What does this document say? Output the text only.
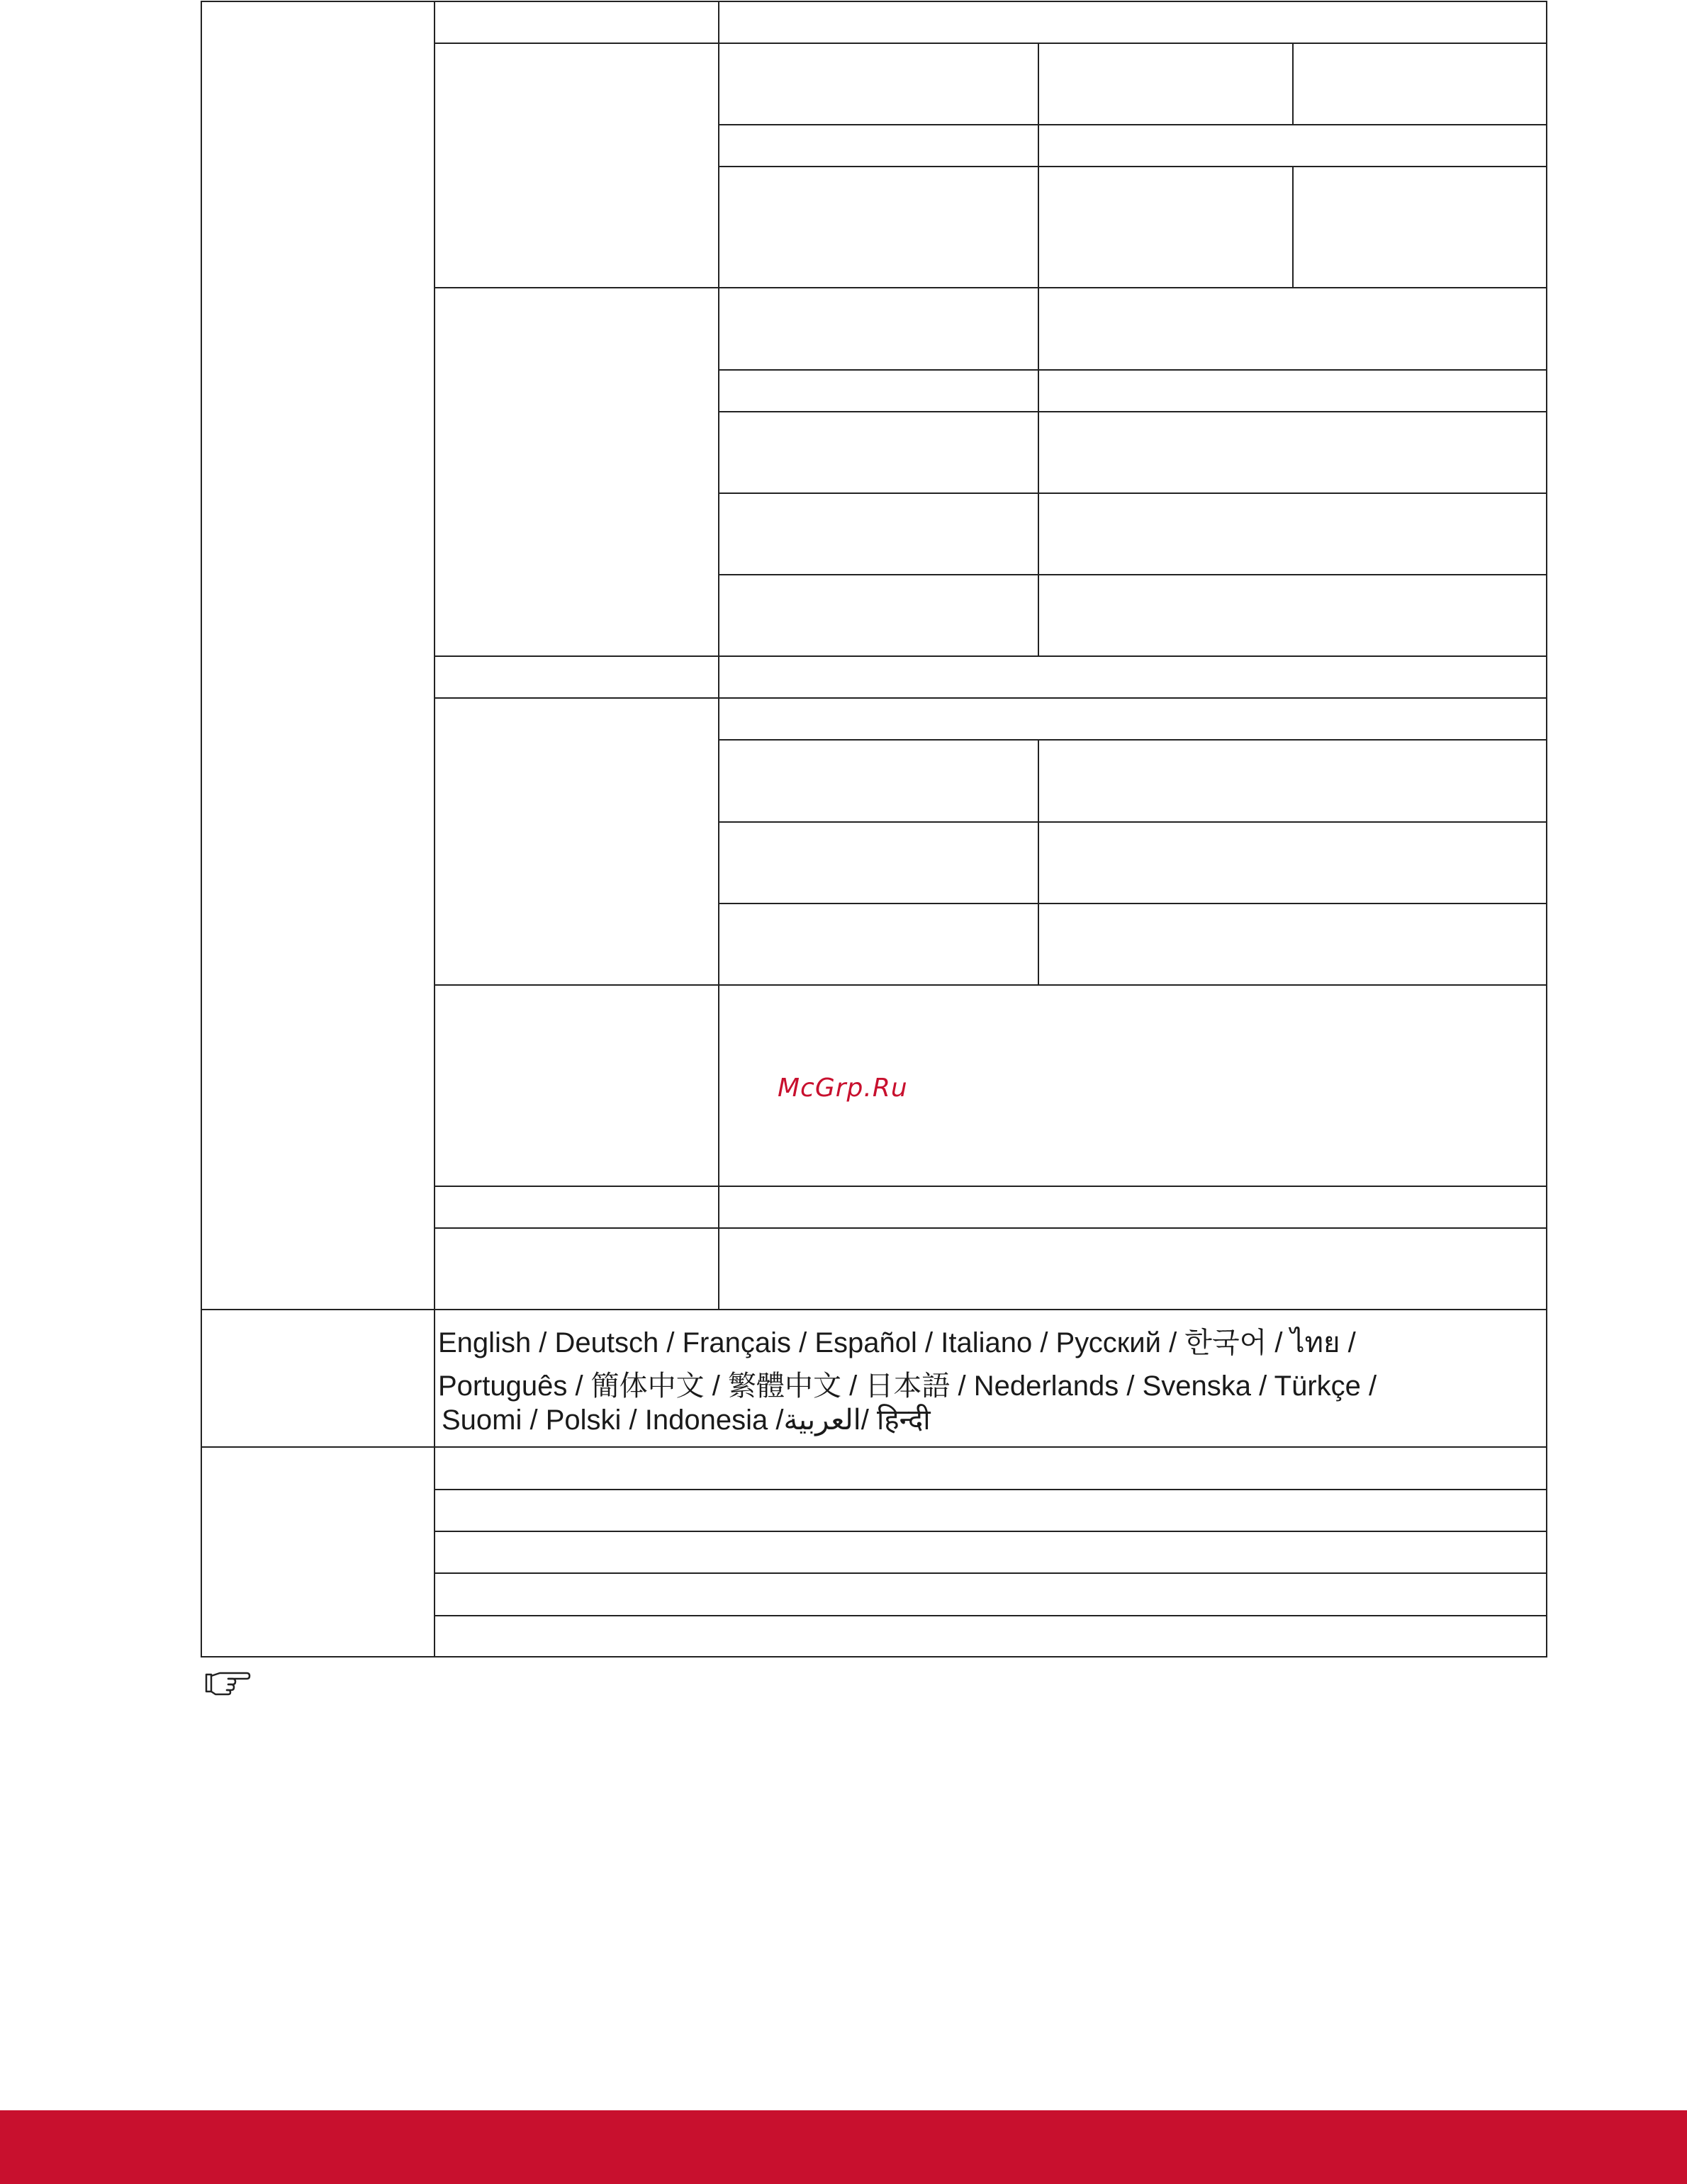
English / Deutsch / Français / Español / Italiano / Русский / 한국어 / ไทย /
Português / 簡体中文 / 繁體中文 / 日本語 / Nederlands / Svenska / Türkçe /
Suomi / Polski / Indonesia /العربية/ हिन्दी
McGrp.Ru
